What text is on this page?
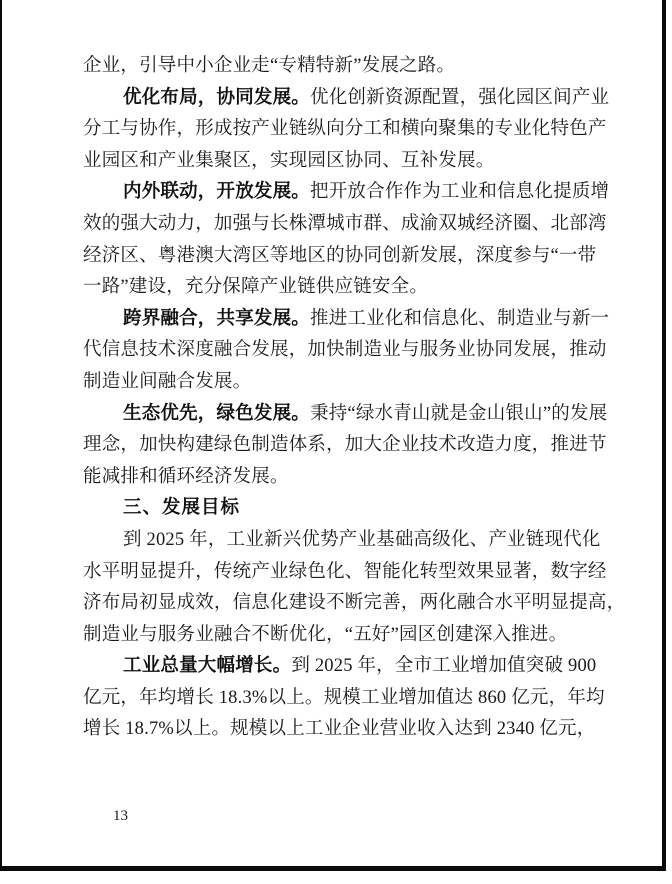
企业，引导中小企业走“专精特新”发展之路。
优化布局，协同发展。优化创新资源配置，强化园区间产业
分工与协作，形成按产业链纵向分工和横向聚集的专业化特色产
业园区和产业集聚区，实现园区协同、互补发展。
内外联动，开放发展。把开放合作作为工业和信息化提质增
效的强大动力，加强与长株潭城市群、成渝双城经济圈、北部湾
经济区、粤港澳大湾区等地区的协同创新发展，深度参与“一带
一路”建设，充分保障产业链供应链安全。
跨界融合，共享发展。推进工业化和信息化、制造业与新一
代信息技术深度融合发展，加快制造业与服务业协同发展，推动
制造业间融合发展。
生态优先，绿色发展。秉持“绿水青山就是金山银山”的发展
理念，加快构建绿色制造体系，加大企业技术改造力度，推进节
能减排和循环经济发展。
三、发展目标
到 2025 年，工业新兴优势产业基础高级化、产业链现代化
水平明显提升，传统产业绿色化、智能化转型效果显著，数字经
济布局初显成效，信息化建设不断完善，两化融合水平明显提高，
制造业与服务业融合不断优化，“五好”园区创建深入推进。
工业总量大幅增长。到 2025 年，全市工业增加值突破 900
亿元，年均增长 18.3%以上。规模工业增加值达 860 亿元，年均
增长 18.7%以上。规模以上工业企业营业收入达到 2340 亿元，
13
